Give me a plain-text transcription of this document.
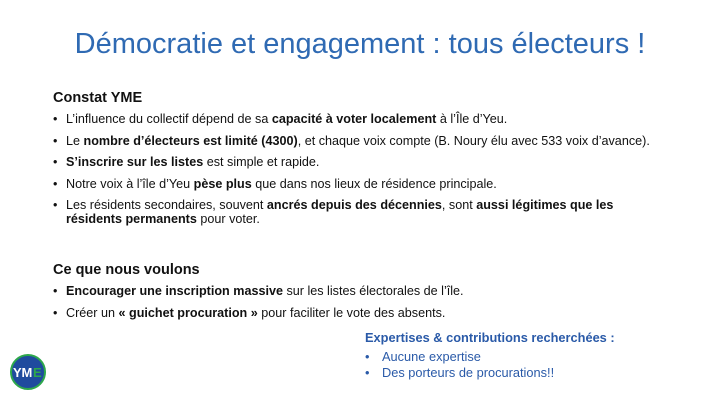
Démocratie et engagement : tous électeurs !
Constat YME
• L’influence du collectif dépend de sa capacité à voter localement à l’Île d’Yeu.
• Le nombre d’électeurs est limité (4300), et chaque voix compte (B. Noury élu avec 533 voix d’avance).
• S’inscrire sur les listes est simple et rapide.
• Notre voix à l’île d’Yeu pèse plus que dans nos lieux de résidence principale.
• Les résidents secondaires, souvent ancrés depuis des décennies, sont aussi légitimes que les résidents permanents pour voter.
Ce que nous voulons
• Encourager une inscription massive sur les listes électorales de l’île.
• Créer un « guichet procuration » pour faciliter le vote des absents.
Expertises & contributions recherchées :
• Aucune expertise
• Des porteurs de procurations!!
Y M E
